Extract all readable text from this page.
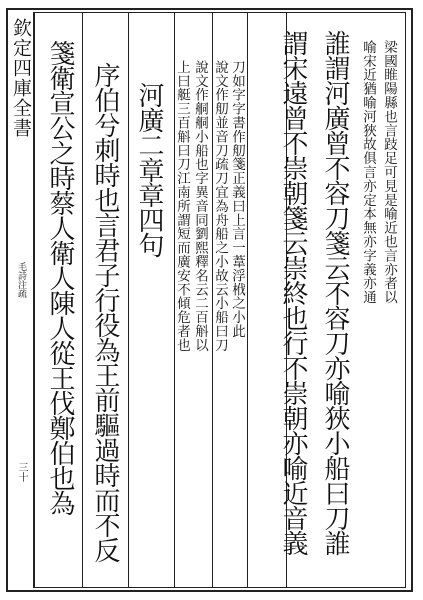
欽定四庫全書
毛詩注疏
三十
梁國睢陽縣也言跂足可見是喻近也言亦者以
喻宋近猶喻河狹故俱言亦定本無亦字義亦通
誰謂河廣曾不容刀箋云不容刀亦喻狹小船曰刀誰
謂宋遠曾不崇朝箋云崇終也行不崇朝亦喻近音義
刀如字字書作舠箋正義曰上言一葦浮栰之小此
說文作舠並音刀疏刀宜為舟船之小故云小船曰刀
說文作𦨴𦨴小船也字異音同劉熙釋名云二百斛以
上曰艇三百斛曰刀江南所謂短而廣安不傾危者也
河廣二章章四句
序伯兮刺時也言君子行役為王前驅過時而不反
箋衛宣公之時蔡人衛人陳人從王伐鄭伯也為
